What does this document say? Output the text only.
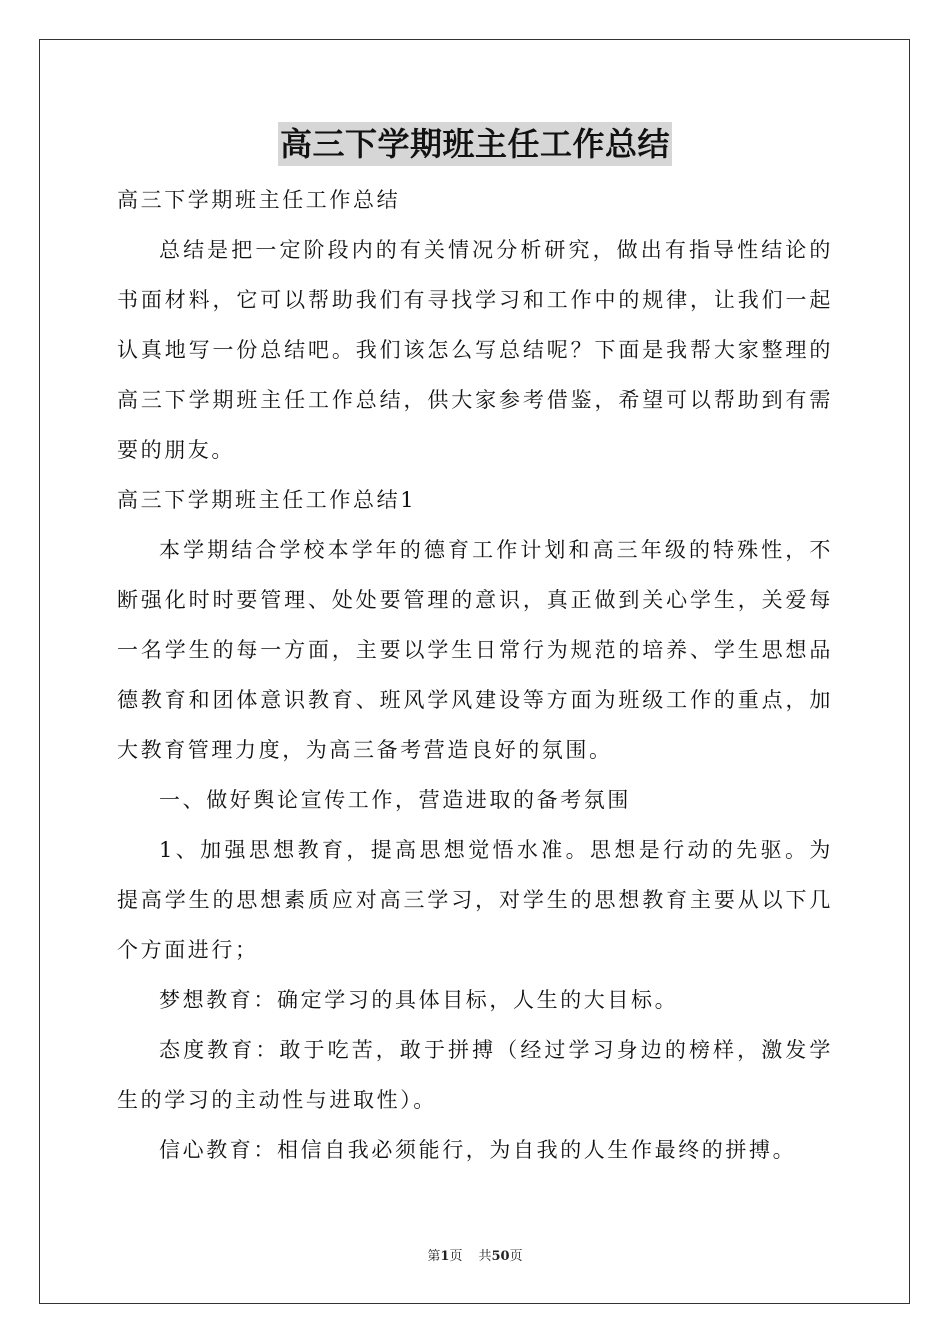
高三下学期班主任工作总结

高三下学期班主任工作总结

总结是把一定阶段内的有关情况分析研究，做出有指导性结论的书面材料，它可以帮助我们有寻找学习和工作中的规律，让我们一起认真地写一份总结吧。我们该怎么写总结呢？下面是我帮大家整理的高三下学期班主任工作总结，供大家参考借鉴，希望可以帮助到有需要的朋友。

高三下学期班主任工作总结1

本学期结合学校本学年的德育工作计划和高三年级的特殊性，不断强化时时要管理、处处要管理的意识，真正做到关心学生，关爱每一名学生的每一方面，主要以学生日常行为规范的培养、学生思想品德教育和团体意识教育、班风学风建设等方面为班级工作的重点，加大教育管理力度，为高三备考营造良好的氛围。

一、做好舆论宣传工作，营造进取的备考氛围

1、加强思想教育，提高思想觉悟水准。思想是行动的先驱。为提高学生的思想素质应对高三学习，对学生的思想教育主要从以下几个方面进行；

梦想教育：确定学习的具体目标，人生的大目标。

态度教育：敢于吃苦，敢于拼搏（经过学习身边的榜样，激发学生的学习的主动性与进取性）。

信心教育：相信自我必须能行，为自我的人生作最终的拼搏。

第1页 共50页
